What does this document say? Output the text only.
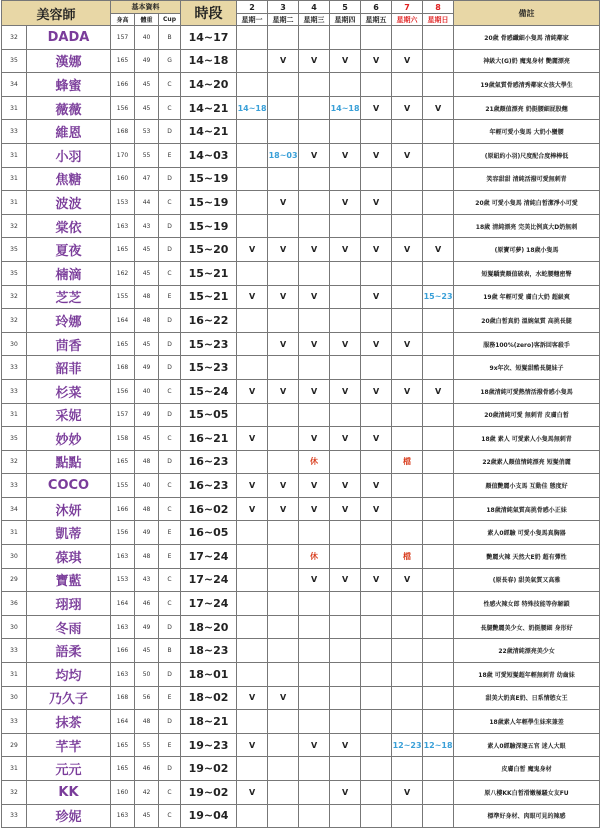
美容師		基本資料			時段	2	3	4	5	6	7	8	備註
		身高	體重	Cup		星期一	星期二	星期三	星期四	星期五	星期六	星期日	
32	DADA	157	40	B	14~17								20歲 骨感纖細小隻馬 清純鄰家
35	漢娜	165	49	G	14~18		V	V	V	V	V		神級大(G)奶 魔鬼身材 艷麗漂亮
34	蜂蜜	166	45	C	14~20								19歲氣質骨感清秀鄰家女孩大學生
31	薇薇	156	45	C	14~21	14~18			14~18	V	V	V	21歲顏值漂亮 奶挺腰細屁股翹
33	維恩	168	53	D	14~21								年輕可愛小隻馬 大奶小蠻腰
31	小羽	170	55	E	14~03		18~03	V	V	V	V		(原紐約小羽)尺度配合度棒棒低
31	焦糖	160	47	D	15~19								笑容甜甜 清純活潑可愛無刺青
31	波波	153	44	C	15~19		V		V	V			20歲 可愛小隻馬 清純白皙潔淨小可愛
32	棠依	163	43	D	15~19								18歲 清純漂亮 完美比例真大D奶無刺
35	夏夜	165	45	D	15~20	V	V	V	V	V	V	V	(原寶可夢) 18歲小隻馬
35	楠滴	162	45	C	15~21								短髮驕貴顏值破表，水蛇腰翹密臀
32	芝芝	155	48	E	15~21	V	V	V		V		15~23	19歲 年輕可愛 膚白大奶 超級爽
32	玲娜	164	48	D	16~22								20歲白皙真奶 溫婉氣質 高挑長腿
30	茴香	165	45	D	15~23		V	V	V	V	V		服務100%(zero)客訴回客殺手
33	韶菲	168	49	D	15~23								9x年次、短髮甜酷長腿妹子
33	杉菜	156	40	C	15~24	V	V	V	V	V	V	V	18歲清純可愛熱情活潑骨感小隻馬
31	采妮	157	49	D	15~05								20歲清純可愛 無刺青 皮膚白皙
35	妙妙	158	45	C	16~21	V		V	V	V			18歲 素人 可愛素人小隻馬無刺青
32	點點	165	48	D	16~23			休			檔		22歲素人顏值情純漂亮 短髮俏麗
33	COCO	155	40	C	16~23	V	V	V	V	V			顏值艷麗小支馬 互動佳 態度好
34	沐妍	166	48	C	16~02	V	V	V	V	V			18歲清純氣質高挑骨感小正妹
31	凱蒂	156	49	E	16~05								素人0經驗 可愛小隻馬真胸器
30	葆琪	163	48	E	17~24			休			檔		艷麗火辣 天然大E奶 超有彈性
29	寶藍	153	43	C	17~24			V	V	V	V		(原長春) 甜美氣質又高雅
36	珝珝	164	46	C	17~24								性感火辣女郎 特殊技能等你解鎖
30	冬雨	163	49	D	18~20								長腿艷麗美少女、奶挺腰細 身形好
33	語柔	166	45	B	18~23								22歲清純漂亮美少女
31	均均	163	50	D	18~01								18歲 可愛短髮超年輕無刺青 幼齒妹
30	乃久子	168	56	E	18~02	V	V						甜美大奶真E奶、日系情慾女王
33	抹茶	164	48	D	18~21								18歲素人年輕學生妹來兼差
29	芊芊	165	55	E	19~23	V		V	V		12~23	12~18	素人0經驗深邃五官 迷人大眼
31	元元	165	46	D	19~02								皮膚白皙 魔鬼身材
32	KK	160	42	C	19~02	V			V		V		原八樓KK白皙滑嫩極騷女友FU
33	珍妮	163	45	C	19~04								標準好身材、肉眼可見的辣感
